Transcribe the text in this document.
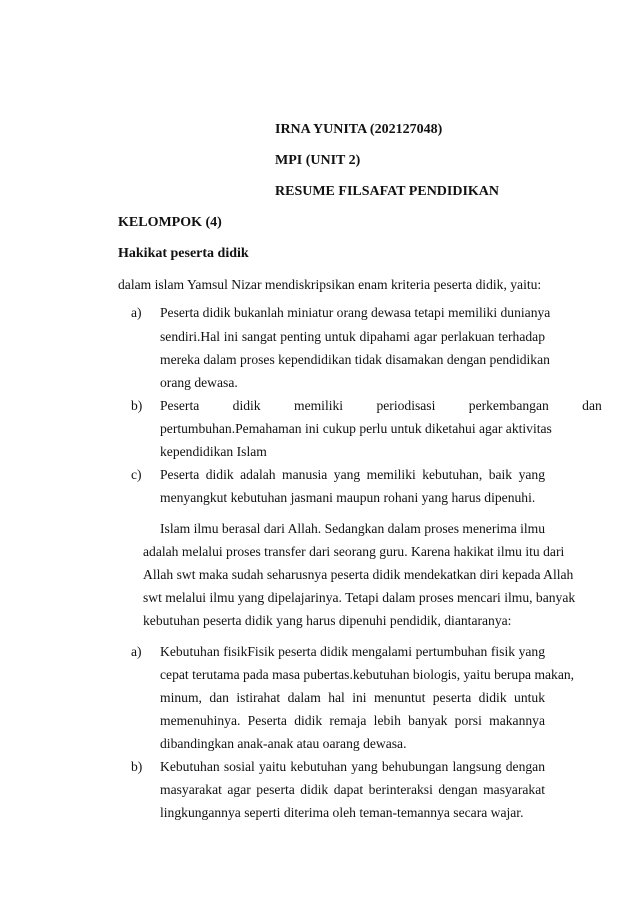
IRNA YUNITA (202127048)
MPI (UNIT 2)
RESUME FILSAFAT PENDIDIKAN
KELOMPOK (4)
Hakikat peserta didik
dalam islam Yamsul Nizar mendiskripsikan enam kriteria peserta didik, yaitu:
a) Peserta didik bukanlah miniatur orang dewasa tetapi memiliki dunianya
sendiri.Hal ini sangat penting untuk dipahami agar perlakuan terhadap
mereka dalam proses kependidikan tidak disamakan dengan pendidikan
orang dewasa.
b) Peserta didik memiliki periodisasi perkembangan dan
pertumbuhan.Pemahaman ini cukup perlu untuk diketahui agar aktivitas
kependidikan Islam
c) Peserta didik adalah manusia yang memiliki kebutuhan, baik yang
menyangkut kebutuhan jasmani maupun rohani yang harus dipenuhi.
Islam ilmu berasal dari Allah. Sedangkan dalam proses menerima ilmu
adalah melalui proses transfer dari seorang guru. Karena hakikat ilmu itu dari
Allah swt maka sudah seharusnya peserta didik mendekatkan diri kepada Allah
swt melalui ilmu yang dipelajarinya. Tetapi dalam proses mencari ilmu, banyak
kebutuhan peserta didik yang harus dipenuhi pendidik, diantaranya:
a) Kebutuhan fisikFisik peserta didik mengalami pertumbuhan fisik yang
cepat terutama pada masa pubertas.kebutuhan biologis, yaitu berupa makan,
minum, dan istirahat dalam hal ini menuntut peserta didik untuk
memenuhinya. Peserta didik remaja lebih banyak porsi makannya
dibandingkan anak-anak atau oarang dewasa.
b) Kebutuhan sosial yaitu kebutuhan yang behubungan langsung dengan
masyarakat agar peserta didik dapat berinteraksi dengan masyarakat
lingkungannya seperti diterima oleh teman-temannya secara wajar.
